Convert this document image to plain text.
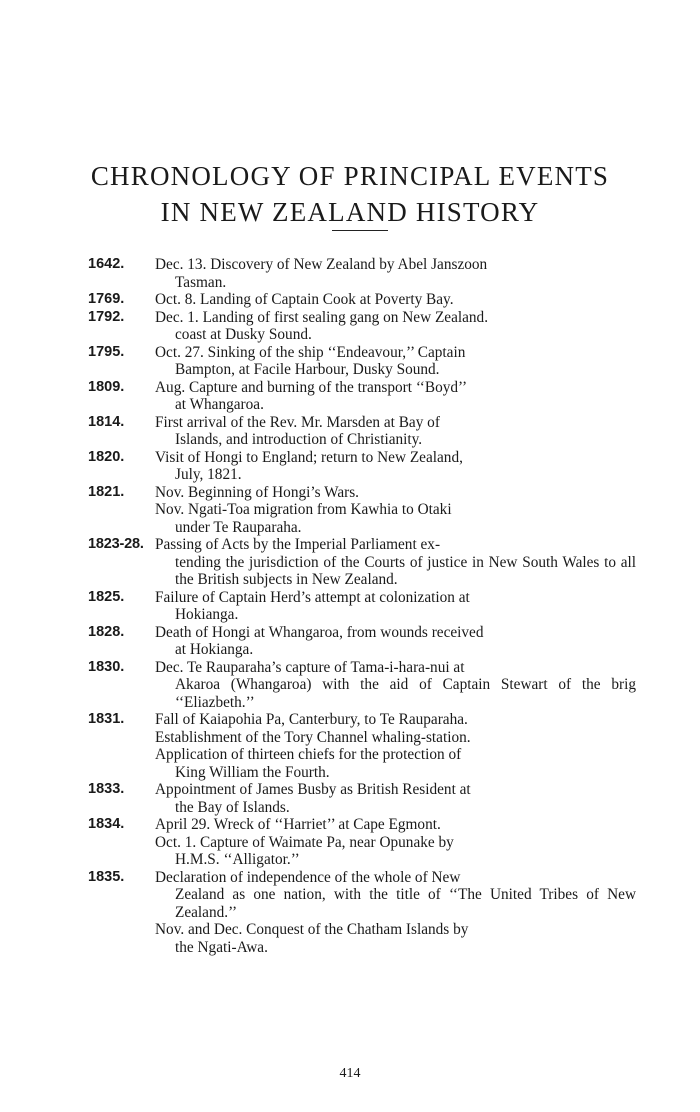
CHRONOLOGY OF PRINCIPAL EVENTS
IN NEW ZEALAND HISTORY
1642. Dec. 13. Discovery of New Zealand by Abel Janszoon
Tasman.
1769. Oct. 8. Landing of Captain Cook at Poverty Bay.
1792. Dec. 1. Landing of first sealing gang on New Zealand.
coast at Dusky Sound.
1795. Oct. 27. Sinking of the ship ‘‘Endeavour,’’ Captain
Bampton, at Facile Harbour, Dusky Sound.
1809. Aug. Capture and burning of the transport ‘‘Boyd’’
at Whangaroa.
1814. First arrival of the Rev. Mr. Marsden at Bay of
Islands, and introduction of Christianity.
1820. Visit of Hongi to England; return to New Zealand,
July, 1821.
1821. Nov. Beginning of Hongi’s Wars.
Nov. Ngati-Toa migration from Kawhia to Otaki
under Te Rauparaha.
1823-28. Passing of Acts by the Imperial Parliament ex-
tending the jurisdiction of the Courts of justice in New South Wales to all the British subjects in New Zealand.
1825. Failure of Captain Herd’s attempt at colonization at
Hokianga.
1828. Death of Hongi at Whangaroa, from wounds received
at Hokianga.
1830. Dec. Te Rauparaha’s capture of Tama-i-hara-nui at
Akaroa (Whangaroa) with the aid of Captain Stewart of the brig ‘‘Eliazbeth.’’
1831. Fall of Kaiapohia Pa, Canterbury, to Te Rauparaha.
Establishment of the Tory Channel whaling-station.
Application of thirteen chiefs for the protection of
King William the Fourth.
1833. Appointment of James Busby as British Resident at
the Bay of Islands.
1834. April 29. Wreck of ‘‘Harriet’’ at Cape Egmont.
Oct. 1. Capture of Waimate Pa, near Opunake by
H.M.S. ‘‘Alligator.’’
1835. Declaration of independence of the whole of New
Zealand as one nation, with the title of ‘‘The United Tribes of New Zealand.’’
Nov. and Dec. Conquest of the Chatham Islands by
the Ngati-Awa.
414
